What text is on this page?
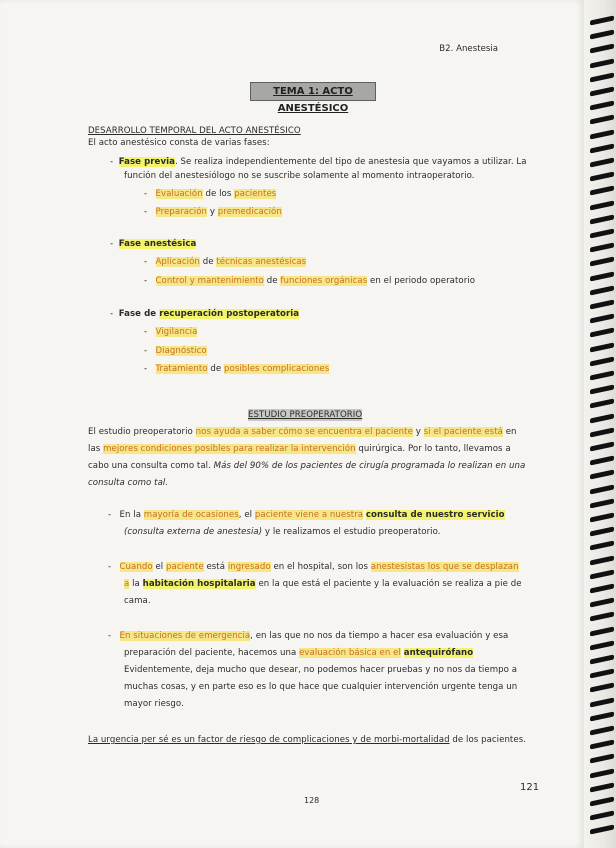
B2. Anestesia
TEMA 1: ACTO ANESTÉSICO
DESARROLLO TEMPORAL DEL ACTO ANESTÉSICO
El acto anestésico consta de varias fases:
-  Fase previa. Se realiza independientemente del tipo de anestesia que vayamos a utilizar. La
función del anestesiólogo no se suscribe solamente al momento intraoperatorio.
-   Evaluación de los pacientes
-   Preparación y premedicación
-  Fase anestésica
-   Aplicación de técnicas anestésicas
-   Control y mantenimiento de funciones orgánicas en el periodo operatorio
-  Fase de recuperación postoperatoria
-   Vigilancia
-   Diagnóstico
-   Tratamiento de posibles complicaciones
ESTUDIO PREOPERATORIO
El estudio preoperatorio nos ayuda a saber cómo se encuentra el paciente y si el paciente está en
las mejores condiciones posibles para realizar la intervención quirúrgica. Por lo tanto, llevamos a
cabo una consulta como tal. Más del 90% de los pacientes de cirugía programada lo realizan en una
consulta como tal.
-   En la mayoría de ocasiones, el paciente viene a nuestra consulta de nuestro servicio
(consulta externa de anestesia) y le realizamos el estudio preoperatorio.
-   Cuando el paciente está ingresado en el hospital, son los anestesistas los que se desplazan
a la habitación hospitalaria en la que está el paciente y la evaluación se realiza a pie de
cama.
-   En situaciones de emergencia, en las que no nos da tiempo a hacer esa evaluación y esa
preparación del paciente, hacemos una evaluación básica en el antequirófano
Evidentemente, deja mucho que desear, no podemos hacer pruebas y no nos da tiempo a
muchas cosas, y en parte eso es lo que hace que cualquier intervención urgente tenga un
mayor riesgo.
La urgencia per sé es un factor de riesgo de complicaciones y de morbi-mortalidad de los pacientes.
121
128
